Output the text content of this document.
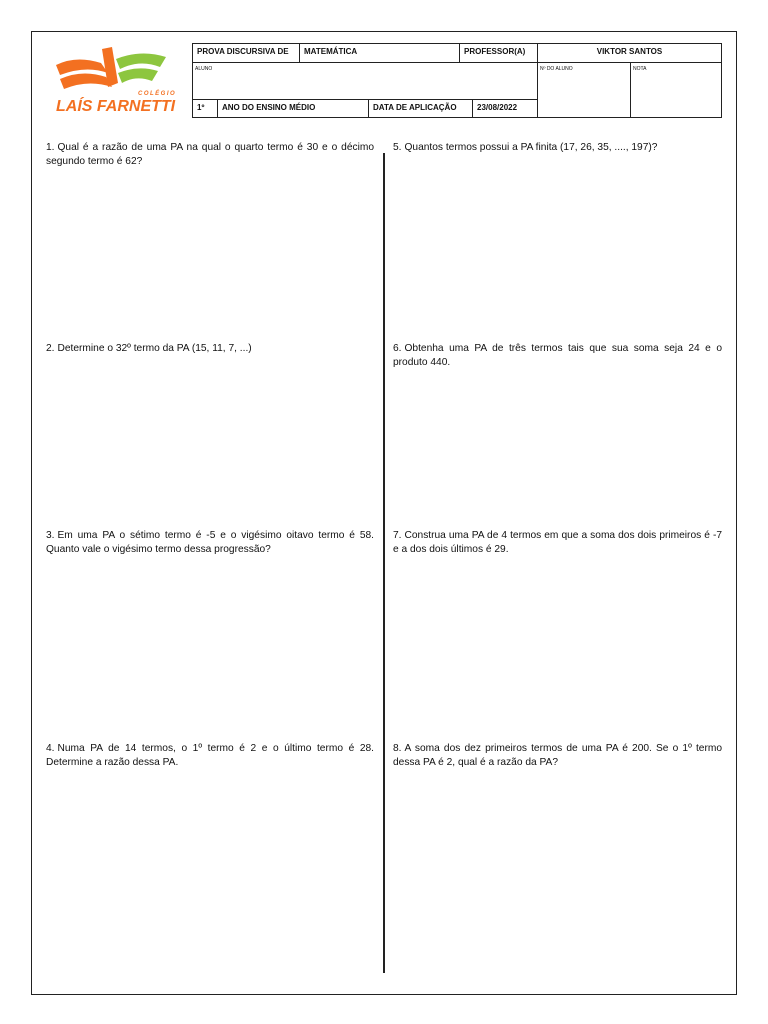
COLÉGIO
LAÍS FARNETTI
PROVA DISCURSIVA DE	MATEMÁTICA	PROFESSOR(A)	VIKTOR SANTOS
ALUNO	Nº DO ALUNO	NOTA
1º	ANO DO ENSINO MÉDIO	DATA DE APLICAÇÃO	23/08/2022
1. Qual é a razão de uma PA na qual o quarto termo é 30 e o décimo segundo termo é 62?
2. Determine o 32º termo da PA (15, 11, 7, ...)
3. Em uma PA o sétimo termo é -5 e o vigésimo oitavo termo é 58. Quanto vale o vigésimo termo dessa progressão?
4. Numa PA de 14 termos, o 1º termo é 2 e o último termo é 28. Determine a razão dessa PA.
5. Quantos termos possui a PA finita (17, 26, 35, ...., 197)?
6. Obtenha uma PA de três termos tais que sua soma seja 24 e o produto 440.
7. Construa uma PA de 4 termos em que a soma dos dois primeiros é -7 e a dos dois últimos é 29.
8. A soma dos dez primeiros termos de uma PA é 200. Se o 1º termo dessa PA é 2, qual é a razão da PA?
